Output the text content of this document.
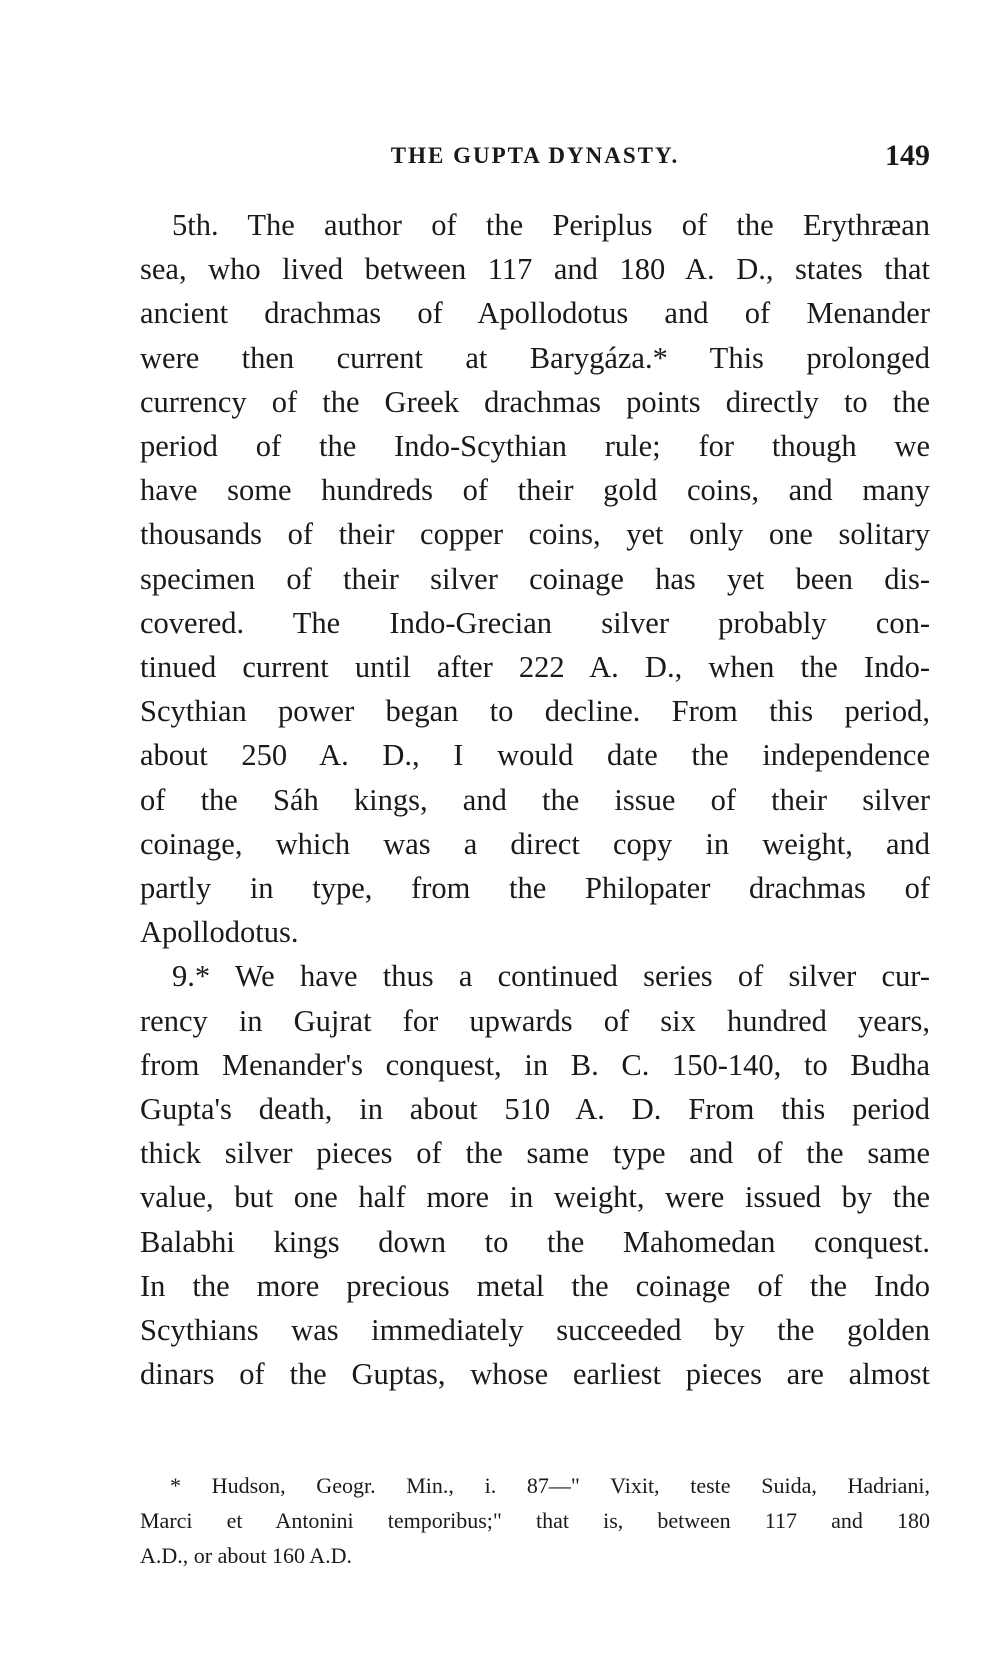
THE GUPTA DYNASTY.	149

5th. The author of the Periplus of the Erythræan
sea, who lived between 117 and 180 A. D., states that
ancient drachmas of Apollodotus and of Menander
were then current at Barygáza.* This prolonged
currency of the Greek drachmas points directly to the
period of the Indo-Scythian rule; for though we
have some hundreds of their gold coins, and many
thousands of their copper coins, yet only one solitary
specimen of their silver coinage has yet been dis-
covered. The Indo-Grecian silver probably con-
tinued current until after 222 A. D., when the Indo-
Scythian power began to decline. From this period,
about 250 A. D., I would date the independence
of the Sáh kings, and the issue of their silver
coinage, which was a direct copy in weight, and
partly in type, from the Philopater drachmas of
Apollodotus.

9.* We have thus a continued series of silver cur-
rency in Gujrat for upwards of six hundred years,
from Menander's conquest, in B. C. 150-140, to Budha
Gupta's death, in about 510 A. D. From this period
thick silver pieces of the same type and of the same
value, but one half more in weight, were issued by the
Balabhi kings down to the Mahomedan conquest.
In the more precious metal the coinage of the Indo
Scythians was immediately succeeded by the golden
dinars of the Guptas, whose earliest pieces are almost

* Hudson, Geogr. Min., i. 87—" Vixit, teste Suida, Hadriani,
Marci et Antonini temporibus;" that is, between 117 and 180
A.D., or about 160 A.D.
